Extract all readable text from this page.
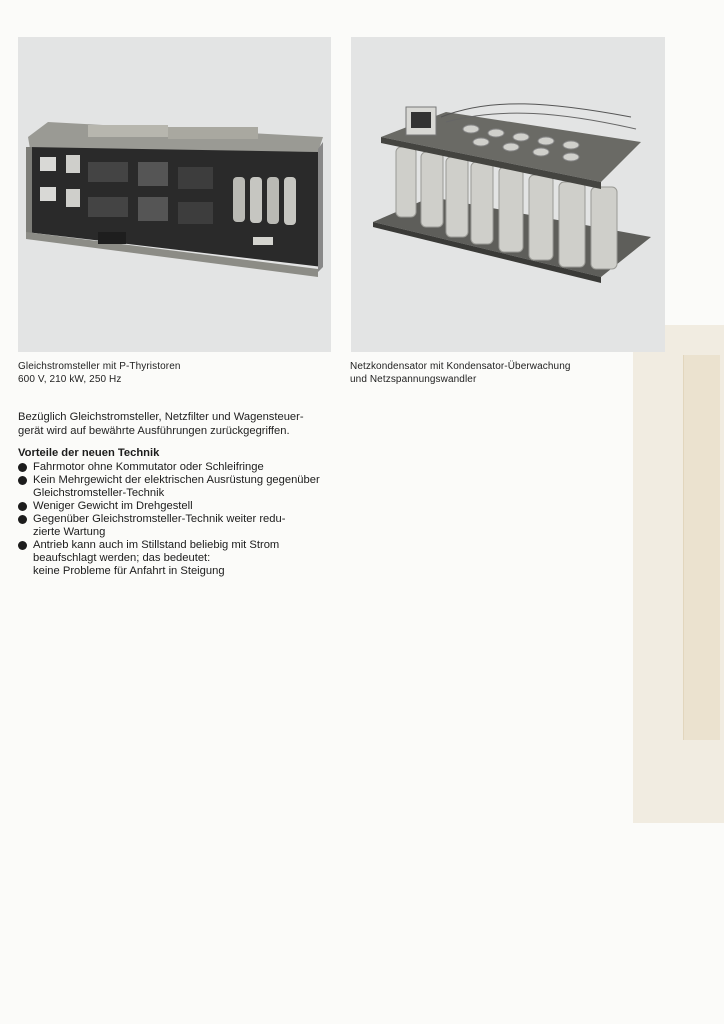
Gleichstromsteller mit P-Thyristoren
600 V, 210 kW, 250 Hz
Netzkondensator mit Kondensator-Überwachung
und Netzspannungswandler

Bezüglich Gleichstromsteller, Netzfilter und Wagensteuer-

gerät wird auf bewährte Ausführungen zurückgegriffen.

Vorteile der neuen Technik
Fahrmotor ohne Kommutator oder Schleifringe
Kein Mehrgewicht der elektrischen Ausrüstung gegenüber
Gleichstromsteller-Technik
Weniger Gewicht im Drehgestell
Gegenüber Gleichstromsteller-Technik weiter redu-
zierte Wartung
Antrieb kann auch im Stillstand beliebig mit Strom
beaufschlagt werden; das bedeutet:
keine Probleme für Anfahrt in Steigung
